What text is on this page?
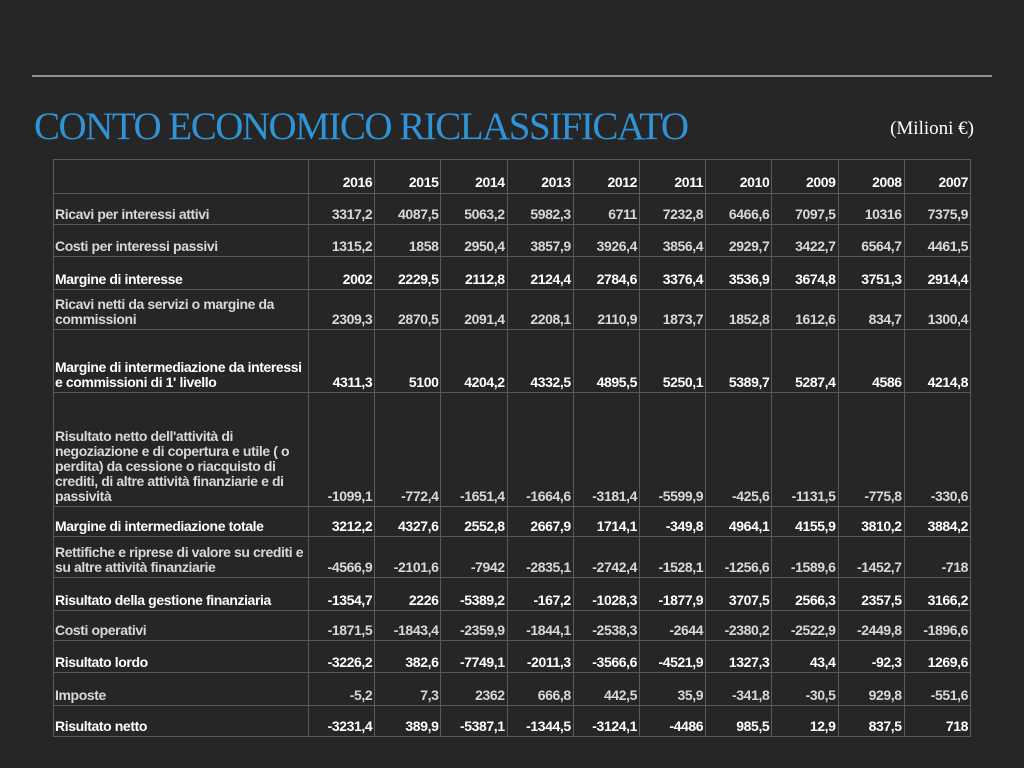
CONTO ECONOMICO RICLASSIFICATO	(Milioni €)
	2016	2015	2014	2013	2012	2011	2010	2009	2008	2007
Ricavi per interessi attivi	3317,2	4087,5	5063,2	5982,3	6711	7232,8	6466,6	7097,5	10316	7375,9
Costi per interessi passivi	1315,2	1858	2950,4	3857,9	3926,4	3856,4	2929,7	3422,7	6564,7	4461,5
Margine di interesse	2002	2229,5	2112,8	2124,4	2784,6	3376,4	3536,9	3674,8	3751,3	2914,4
Ricavi netti da servizi o margine da commissioni	2309,3	2870,5	2091,4	2208,1	2110,9	1873,7	1852,8	1612,6	834,7	1300,4
Margine di intermediazione da interessi e commissioni di 1' livello	4311,3	5100	4204,2	4332,5	4895,5	5250,1	5389,7	5287,4	4586	4214,8
Risultato netto dell'attività di negoziazione e di copertura e utile ( o perdita) da cessione o riacquisto di crediti, di altre attività finanziarie e di passività	-1099,1	-772,4	-1651,4	-1664,6	-3181,4	-5599,9	-425,6	-1131,5	-775,8	-330,6
Margine di intermediazione totale	3212,2	4327,6	2552,8	2667,9	1714,1	-349,8	4964,1	4155,9	3810,2	3884,2
Rettifiche e riprese di valore su crediti e su altre attività finanziarie	-4566,9	-2101,6	-7942	-2835,1	-2742,4	-1528,1	-1256,6	-1589,6	-1452,7	-718
Risultato della gestione finanziaria	-1354,7	2226	-5389,2	-167,2	-1028,3	-1877,9	3707,5	2566,3	2357,5	3166,2
Costi operativi	-1871,5	-1843,4	-2359,9	-1844,1	-2538,3	-2644	-2380,2	-2522,9	-2449,8	-1896,6
Risultato lordo	-3226,2	382,6	-7749,1	-2011,3	-3566,6	-4521,9	1327,3	43,4	-92,3	1269,6
Imposte	-5,2	7,3	2362	666,8	442,5	35,9	-341,8	-30,5	929,8	-551,6
Risultato netto	-3231,4	389,9	-5387,1	-1344,5	-3124,1	-4486	985,5	12,9	837,5	718
